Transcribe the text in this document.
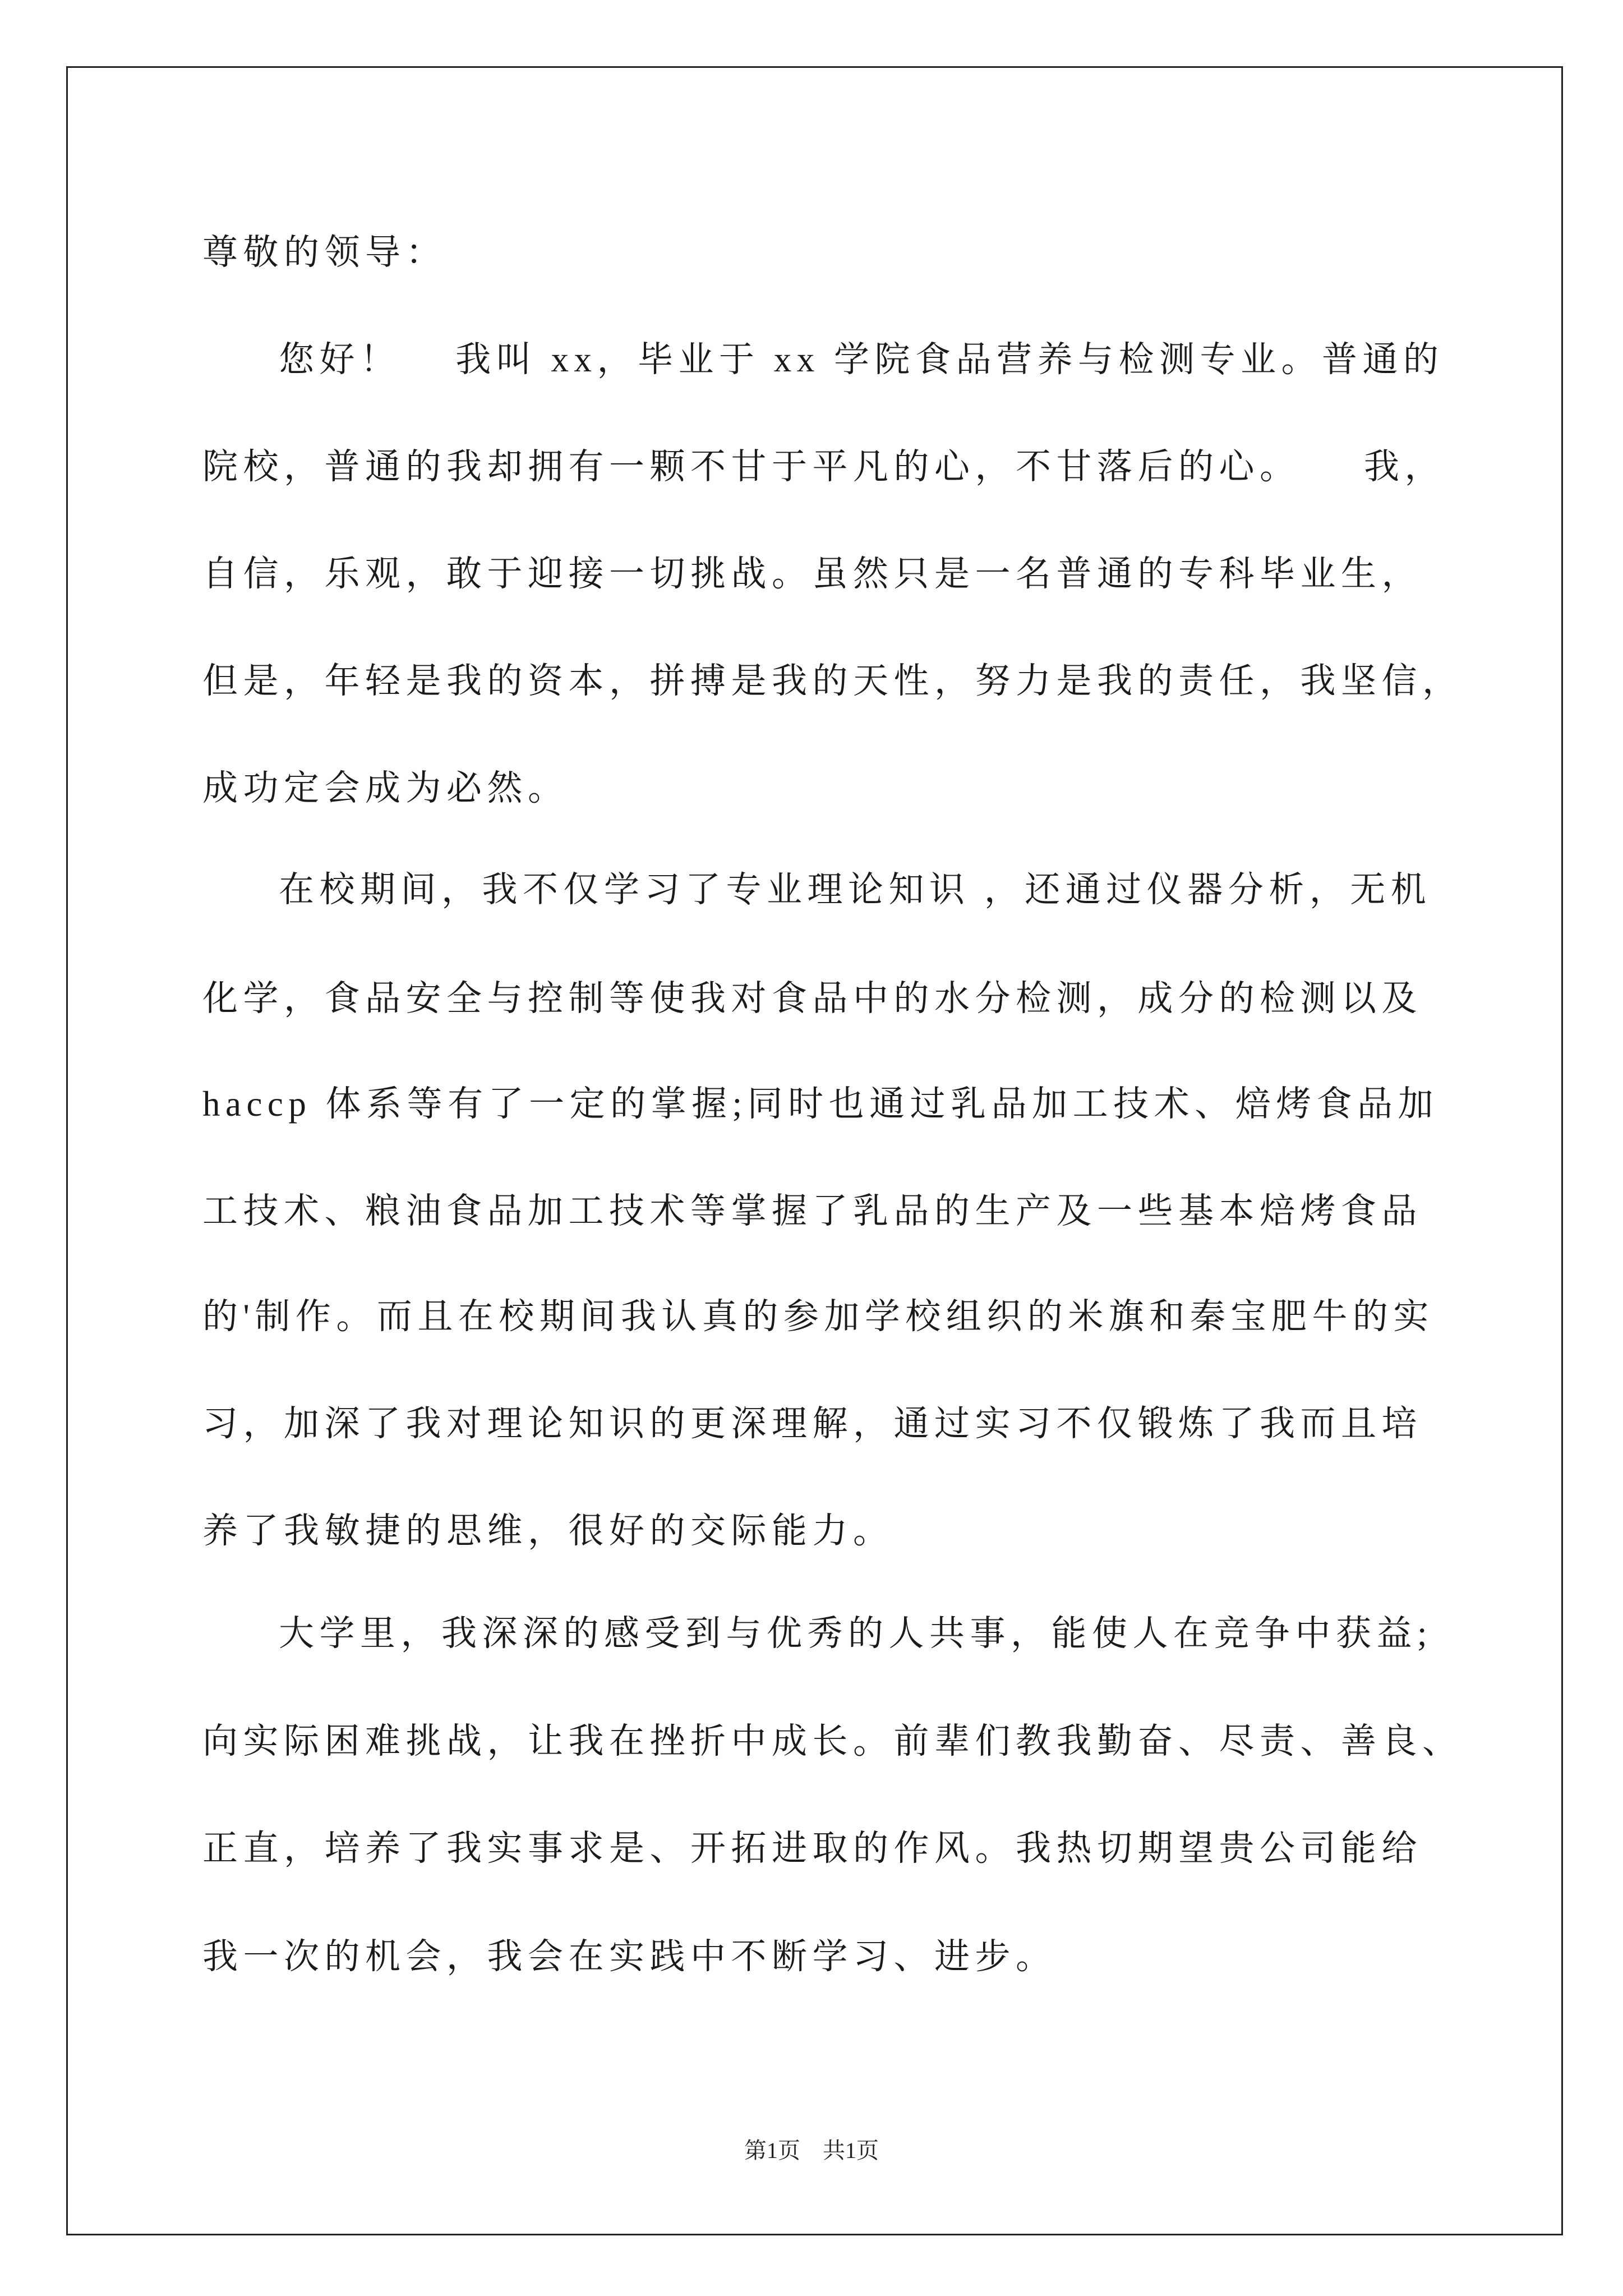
尊敬的领导：
您好！　 我叫 xx，毕业于 xx 学院食品营养与检测专业。普通的
院校，普通的我却拥有一颗不甘于平凡的心，不甘落后的心。　　我，
自信，乐观，敢于迎接一切挑战。虽然只是一名普通的专科毕业生，
但是，年轻是我的资本，拼搏是我的天性，努力是我的责任，我坚信，
成功定会成为必然。
在校期间，我不仅学习了专业理论知识 ，还通过仪器分析，无机
化学，食品安全与控制等使我对食品中的水分检测，成分的检测以及
haccp 体系等有了一定的掌握;同时也通过乳品加工技术、焙烤食品加
工技术、粮油食品加工技术等掌握了乳品的生产及一些基本焙烤食品
的'制作。而且在校期间我认真的参加学校组织的米旗和秦宝肥牛的实
习，加深了我对理论知识的更深理解，通过实习不仅锻炼了我而且培
养了我敏捷的思维，很好的交际能力。
大学里，我深深的感受到与优秀的人共事，能使人在竞争中获益;
向实际困难挑战，让我在挫折中成长。前辈们教我勤奋、尽责、善良、
正直，培养了我实事求是、开拓进取的作风。我热切期望贵公司能给
我一次的机会，我会在实践中不断学习、进步。
第1页　共1页
